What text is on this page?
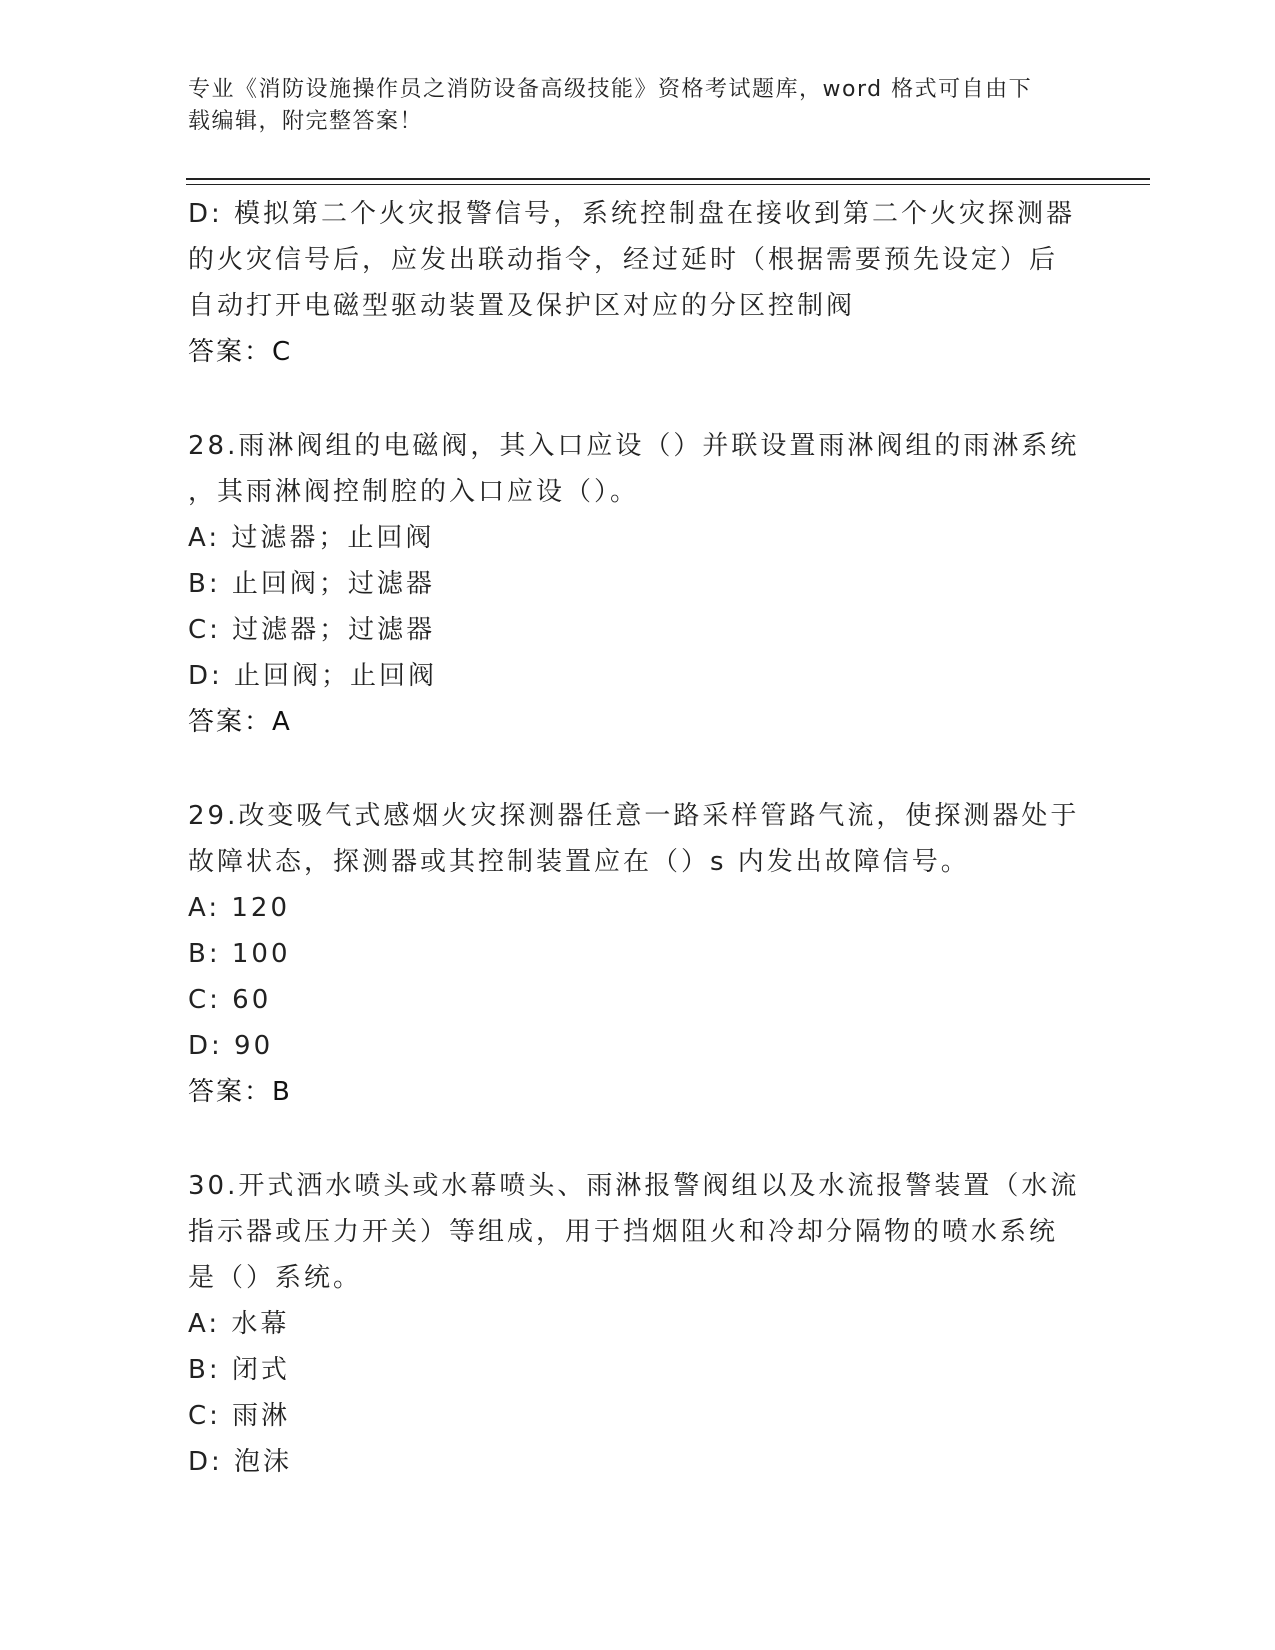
专业《消防设施操作员之消防设备高级技能》资格考试题库，word 格式可自由下
载编辑，附完整答案！
D: 模拟第二个火灾报警信号，系统控制盘在接收到第二个火灾探测器
的火灾信号后，应发出联动指令，经过延时（根据需要预先设定）后
自动打开电磁型驱动装置及保护区对应的分区控制阀
答案：C
28.雨淋阀组的电磁阀，其入口应设（）并联设置雨淋阀组的雨淋系统
，其雨淋阀控制腔的入口应设（）。
A: 过滤器；止回阀
B: 止回阀；过滤器
C: 过滤器；过滤器
D: 止回阀；止回阀
答案：A
29.改变吸气式感烟火灾探测器任意一路采样管路气流，使探测器处于
故障状态，探测器或其控制装置应在（）s 内发出故障信号。
A: 120
B: 100
C: 60
D: 90
答案：B
30.开式洒水喷头或水幕喷头、雨淋报警阀组以及水流报警装置（水流
指示器或压力开关）等组成，用于挡烟阻火和冷却分隔物的喷水系统
是（）系统。
A: 水幕
B: 闭式
C: 雨淋
D: 泡沫
